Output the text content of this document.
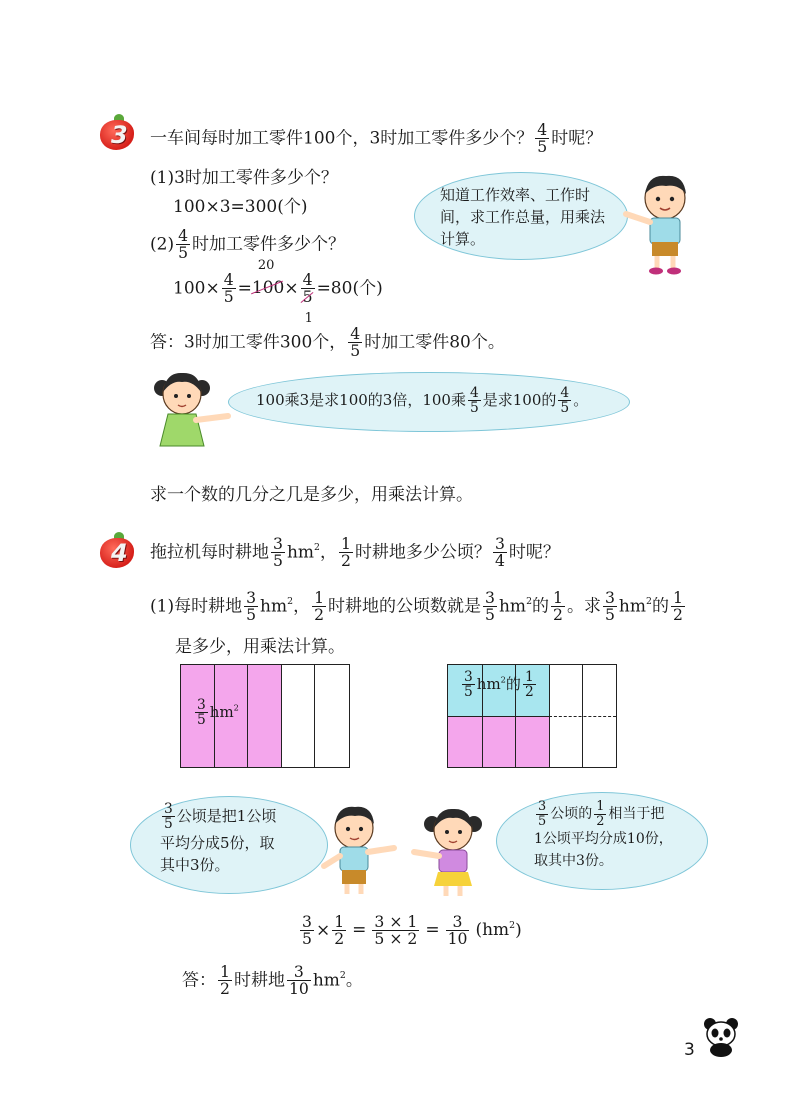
3 一车间每时加工零件100个，3时加工零件多少个？ $\frac{4}{5}$ 时呢？
(1)3时加工零件多少个？
100×3=300(个)
$(2) \frac{4}{5}$ 时加工零件多少个？
$100\times \frac{4}{5} =100$
20
× 4
5
1
=80(个)
答：3时加工零件300个， $\frac{4}{5}$ 时加工零件80个。
知道工作效率、工作时
间，求工作总量，用乘法
计算。
100乘3是求100的3倍，100乘 $\frac{4}{5}$ 是求100的 $\frac{4}{5}$ 。
求一个数的几分之几是多少，用乘法计算。
4 拖拉机每时耕地 $\frac{3}{5} hm^2$， $\frac{1}{2}$ 时耕地多少公顷？ $\frac{3}{4}$ 时呢？
(1)每时耕地 $\frac{3}{5} hm^2$， $\frac{1}{2}$ 时耕地的公顷数就是 $\frac{3}{5} hm^2$的 $\frac{1}{2}$ 。求 $\frac{3}{5} hm^2$的 $\frac{1}{2}$
是多少，用乘法计算。
$\frac{3}{5} hm^2$
$\frac{3}{5} hm^2$的 $\frac{1}{2}$
$\frac{3}{5}$ 公顷是把1公顷
平均分成5份，取
其中3份。
$\frac{3}{5}$ 公顷的 $\frac{1}{2}$ 相当于把
1公顷平均分成10份，
取其中3份。
$\frac{3}{5} \times \frac{1}{2} = \frac{3 \times 1}{5 \times 2} = \frac{3}{10} (hm^2)$
答： $\frac{1}{2}$ 时耕地 $\frac{3}{10} hm^2$。
3
